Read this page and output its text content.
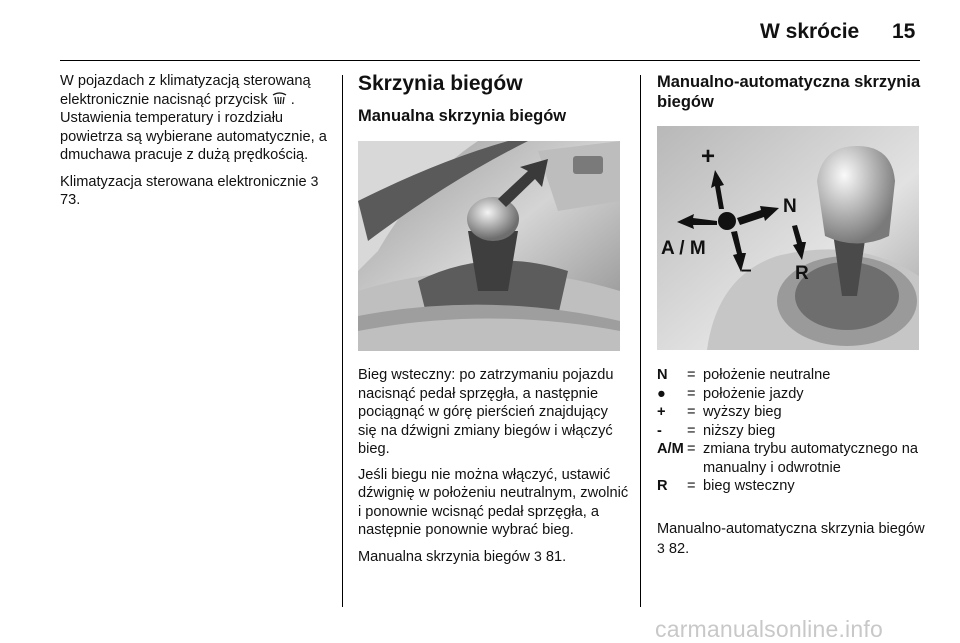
W skrócie 15

W pojazdach z klimatyzacją sterowaną elektronicznie nacisnąć przycisk . Ustawienia temperatury i rozdziału powietrza są wybierane automatycznie, a dmuchawa pracuje z dużą prędkością.

Klimatyzacja sterowana elektronicznie 3 73.

Skrzynia biegów
Manualna skrzynia biegów

Bieg wsteczny: po zatrzymaniu pojazdu nacisnąć pedał sprzęgła, a następnie pociągnąć w górę pierścień znajdujący się na dźwigni zmiany biegów i włączyć bieg.

Jeśli biegu nie można włączyć, ustawić dźwignię w położeniu neutralnym, zwolnić i ponownie wcisnąć pedał sprzęgła, a następnie ponownie wybrać bieg.

Manualna skrzynia biegów 3 81.

Manualno-automatyczna skrzynia biegów
+
N
A / M
– R
N	= położenie neutralne
●	= położenie jazdy
+	= wyższy bieg
-	= niższy bieg
A/M = zmiana trybu automatycznego na manualny i odwrotnie
R	= bieg wsteczny
Manualno-automatyczna skrzynia biegów 3 82.
carmanualsonline.info
